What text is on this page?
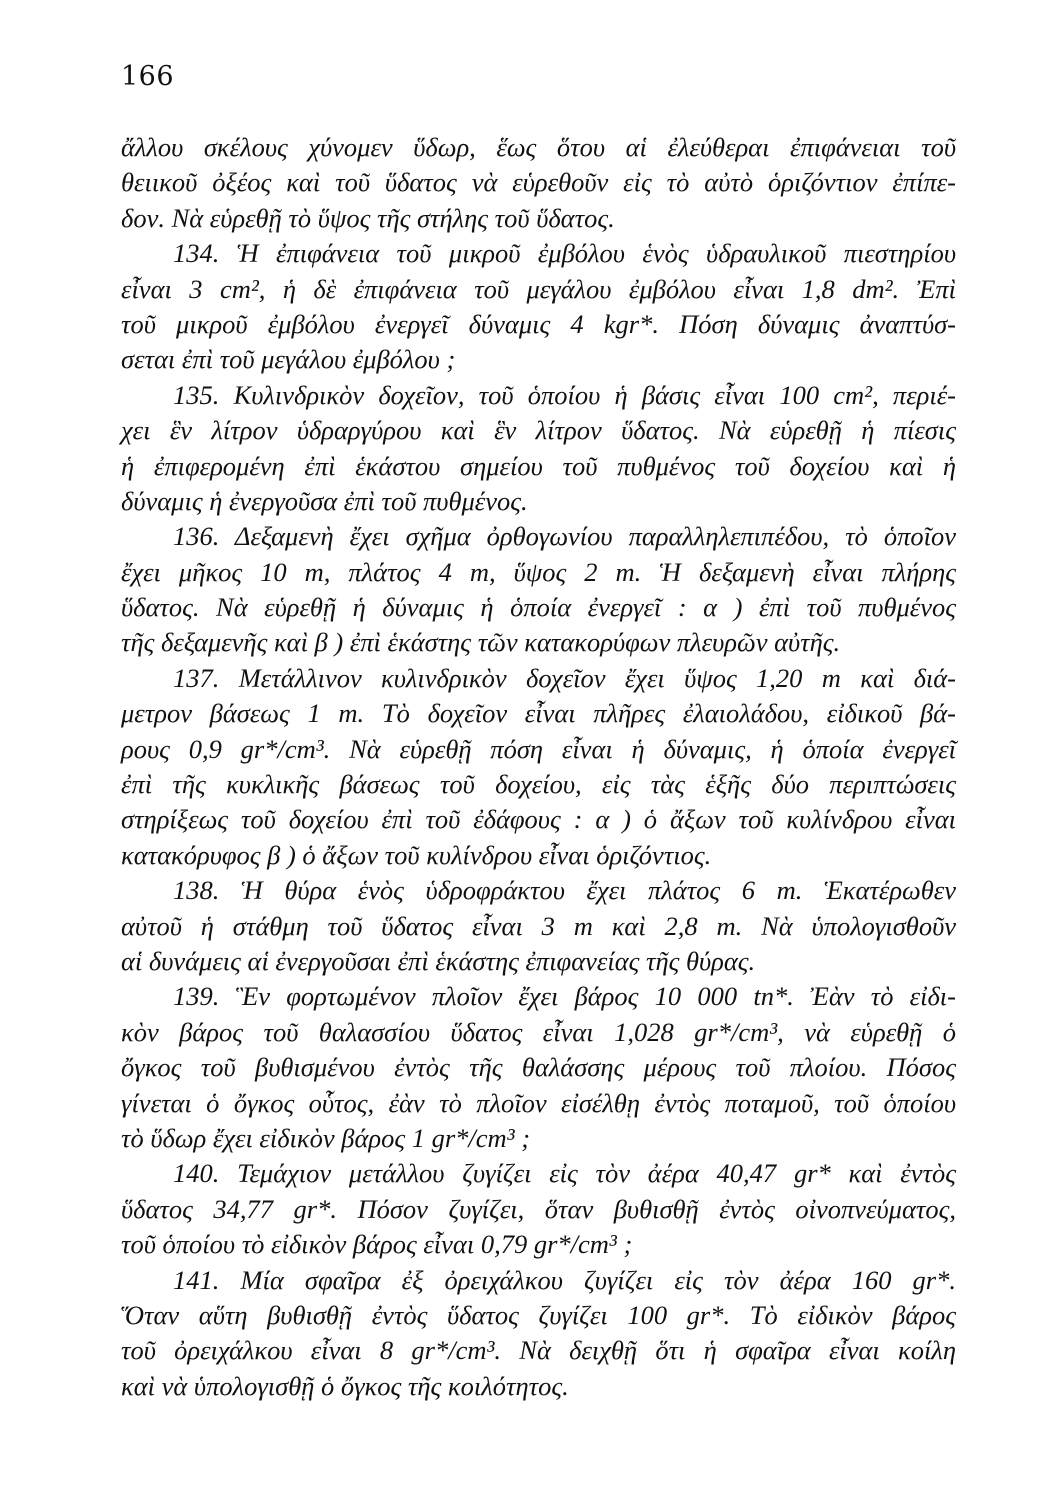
166
ἄλλου σκέλους χύνομεν ὕδωρ, ἕως ὅτου αἱ ἐλεύθεραι ἐπιφάνειαι τοῦ
θειικοῦ ὀξέος καὶ τοῦ ὕδατος νὰ εὑρεθοῦν εἰς τὸ αὐτὸ ὁριζόντιον ἐπίπε-
δον. Νὰ εὑρεθῇ τὸ ὕψος τῆς στήλης τοῦ ὕδατος.
134. Ἡ ἐπιφάνεια τοῦ μικροῦ ἐμβόλου ἑνὸς ὑδραυλικοῦ πιεστηρίου
εἶναι 3 cm², ἡ δὲ ἐπιφάνεια τοῦ μεγάλου ἐμβόλου εἶναι 1,8 dm². Ἐπὶ
τοῦ μικροῦ ἐμβόλου ἐνεργεῖ δύναμις 4 kgr*. Πόση δύναμις ἀναπτύσ-
σεται ἐπὶ τοῦ μεγάλου ἐμβόλου ;
135. Κυλινδρικὸν δοχεῖον, τοῦ ὁποίου ἡ βάσις εἶναι 100 cm², περιέ-
χει ἓν λίτρον ὑδραργύρου καὶ ἓν λίτρον ὕδατος. Νὰ εὑρεθῇ ἡ πίεσις
ἡ ἐπιφερομένη ἐπὶ ἑκάστου σημείου τοῦ πυθμένος τοῦ δοχείου καὶ ἡ
δύναμις ἡ ἐνεργοῦσα ἐπὶ τοῦ πυθμένος.
136. Δεξαμενὴ ἔχει σχῆμα ὀρθογωνίου παραλληλεπιπέδου, τὸ ὁποῖον
ἔχει μῆκος 10 m, πλάτος 4 m, ὕψος 2 m. Ἡ δεξαμενὴ εἶναι πλήρης
ὕδατος. Νὰ εὑρεθῇ ἡ δύναμις ἡ ὁποία ἐνεργεῖ : α ) ἐπὶ τοῦ πυθμένος
τῆς δεξαμενῆς καὶ β ) ἐπὶ ἑκάστης τῶν κατακορύφων πλευρῶν αὐτῆς.
137. Μετάλλινον κυλινδρικὸν δοχεῖον ἔχει ὕψος 1,20 m καὶ διά-
μετρον βάσεως 1 m. Τὸ δοχεῖον εἶναι πλῆρες ἐλαιολάδου, εἰδικοῦ βά-
ρους 0,9 gr*/cm³. Νὰ εὑρεθῇ πόση εἶναι ἡ δύναμις, ἡ ὁποία ἐνεργεῖ
ἐπὶ τῆς κυκλικῆς βάσεως τοῦ δοχείου, εἰς τὰς ἑξῆς δύο περιπτώσεις
στηρίξεως τοῦ δοχείου ἐπὶ τοῦ ἐδάφους : α ) ὁ ἄξων τοῦ κυλίνδρου εἶναι
κατακόρυφος β ) ὁ ἄξων τοῦ κυλίνδρου εἶναι ὁριζόντιος.
138. Ἡ θύρα ἑνὸς ὑδροφράκτου ἔχει πλάτος 6 m. Ἑκατέρωθεν
αὐτοῦ ἡ στάθμη τοῦ ὕδατος εἶναι 3 m καὶ 2,8 m. Νὰ ὑπολογισθοῦν
αἱ δυνάμεις αἱ ἐνεργοῦσαι ἐπὶ ἑκάστης ἐπιφανείας τῆς θύρας.
139. Ἓν φορτωμένον πλοῖον ἔχει βάρος 10 000 tn*. Ἐὰν τὸ εἰδι-
κὸν βάρος τοῦ θαλασσίου ὕδατος εἶναι 1,028 gr*/cm³, νὰ εὑρεθῇ ὁ
ὄγκος τοῦ βυθισμένου ἐντὸς τῆς θαλάσσης μέρους τοῦ πλοίου. Πόσος
γίνεται ὁ ὄγκος οὗτος, ἐὰν τὸ πλοῖον εἰσέλθῃ ἐντὸς ποταμοῦ, τοῦ ὁποίου
τὸ ὕδωρ ἔχει εἰδικὸν βάρος 1 gr*/cm³ ;
140. Τεμάχιον μετάλλου ζυγίζει εἰς τὸν ἀέρα 40,47 gr* καὶ ἐντὸς
ὕδατος 34,77 gr*. Πόσον ζυγίζει, ὅταν βυθισθῇ ἐντὸς οἰνοπνεύματος,
τοῦ ὁποίου τὸ εἰδικὸν βάρος εἶναι 0,79 gr*/cm³ ;
141. Μία σφαῖρα ἐξ ὀρειχάλκου ζυγίζει εἰς τὸν ἀέρα 160 gr*.
Ὅταν αὕτη βυθισθῇ ἐντὸς ὕδατος ζυγίζει 100 gr*. Τὸ εἰδικὸν βάρος
τοῦ ὀρειχάλκου εἶναι 8 gr*/cm³. Νὰ δειχθῇ ὅτι ἡ σφαῖρα εἶναι κοίλη
καὶ νὰ ὑπολογισθῇ ὁ ὄγκος τῆς κοιλότητος.
